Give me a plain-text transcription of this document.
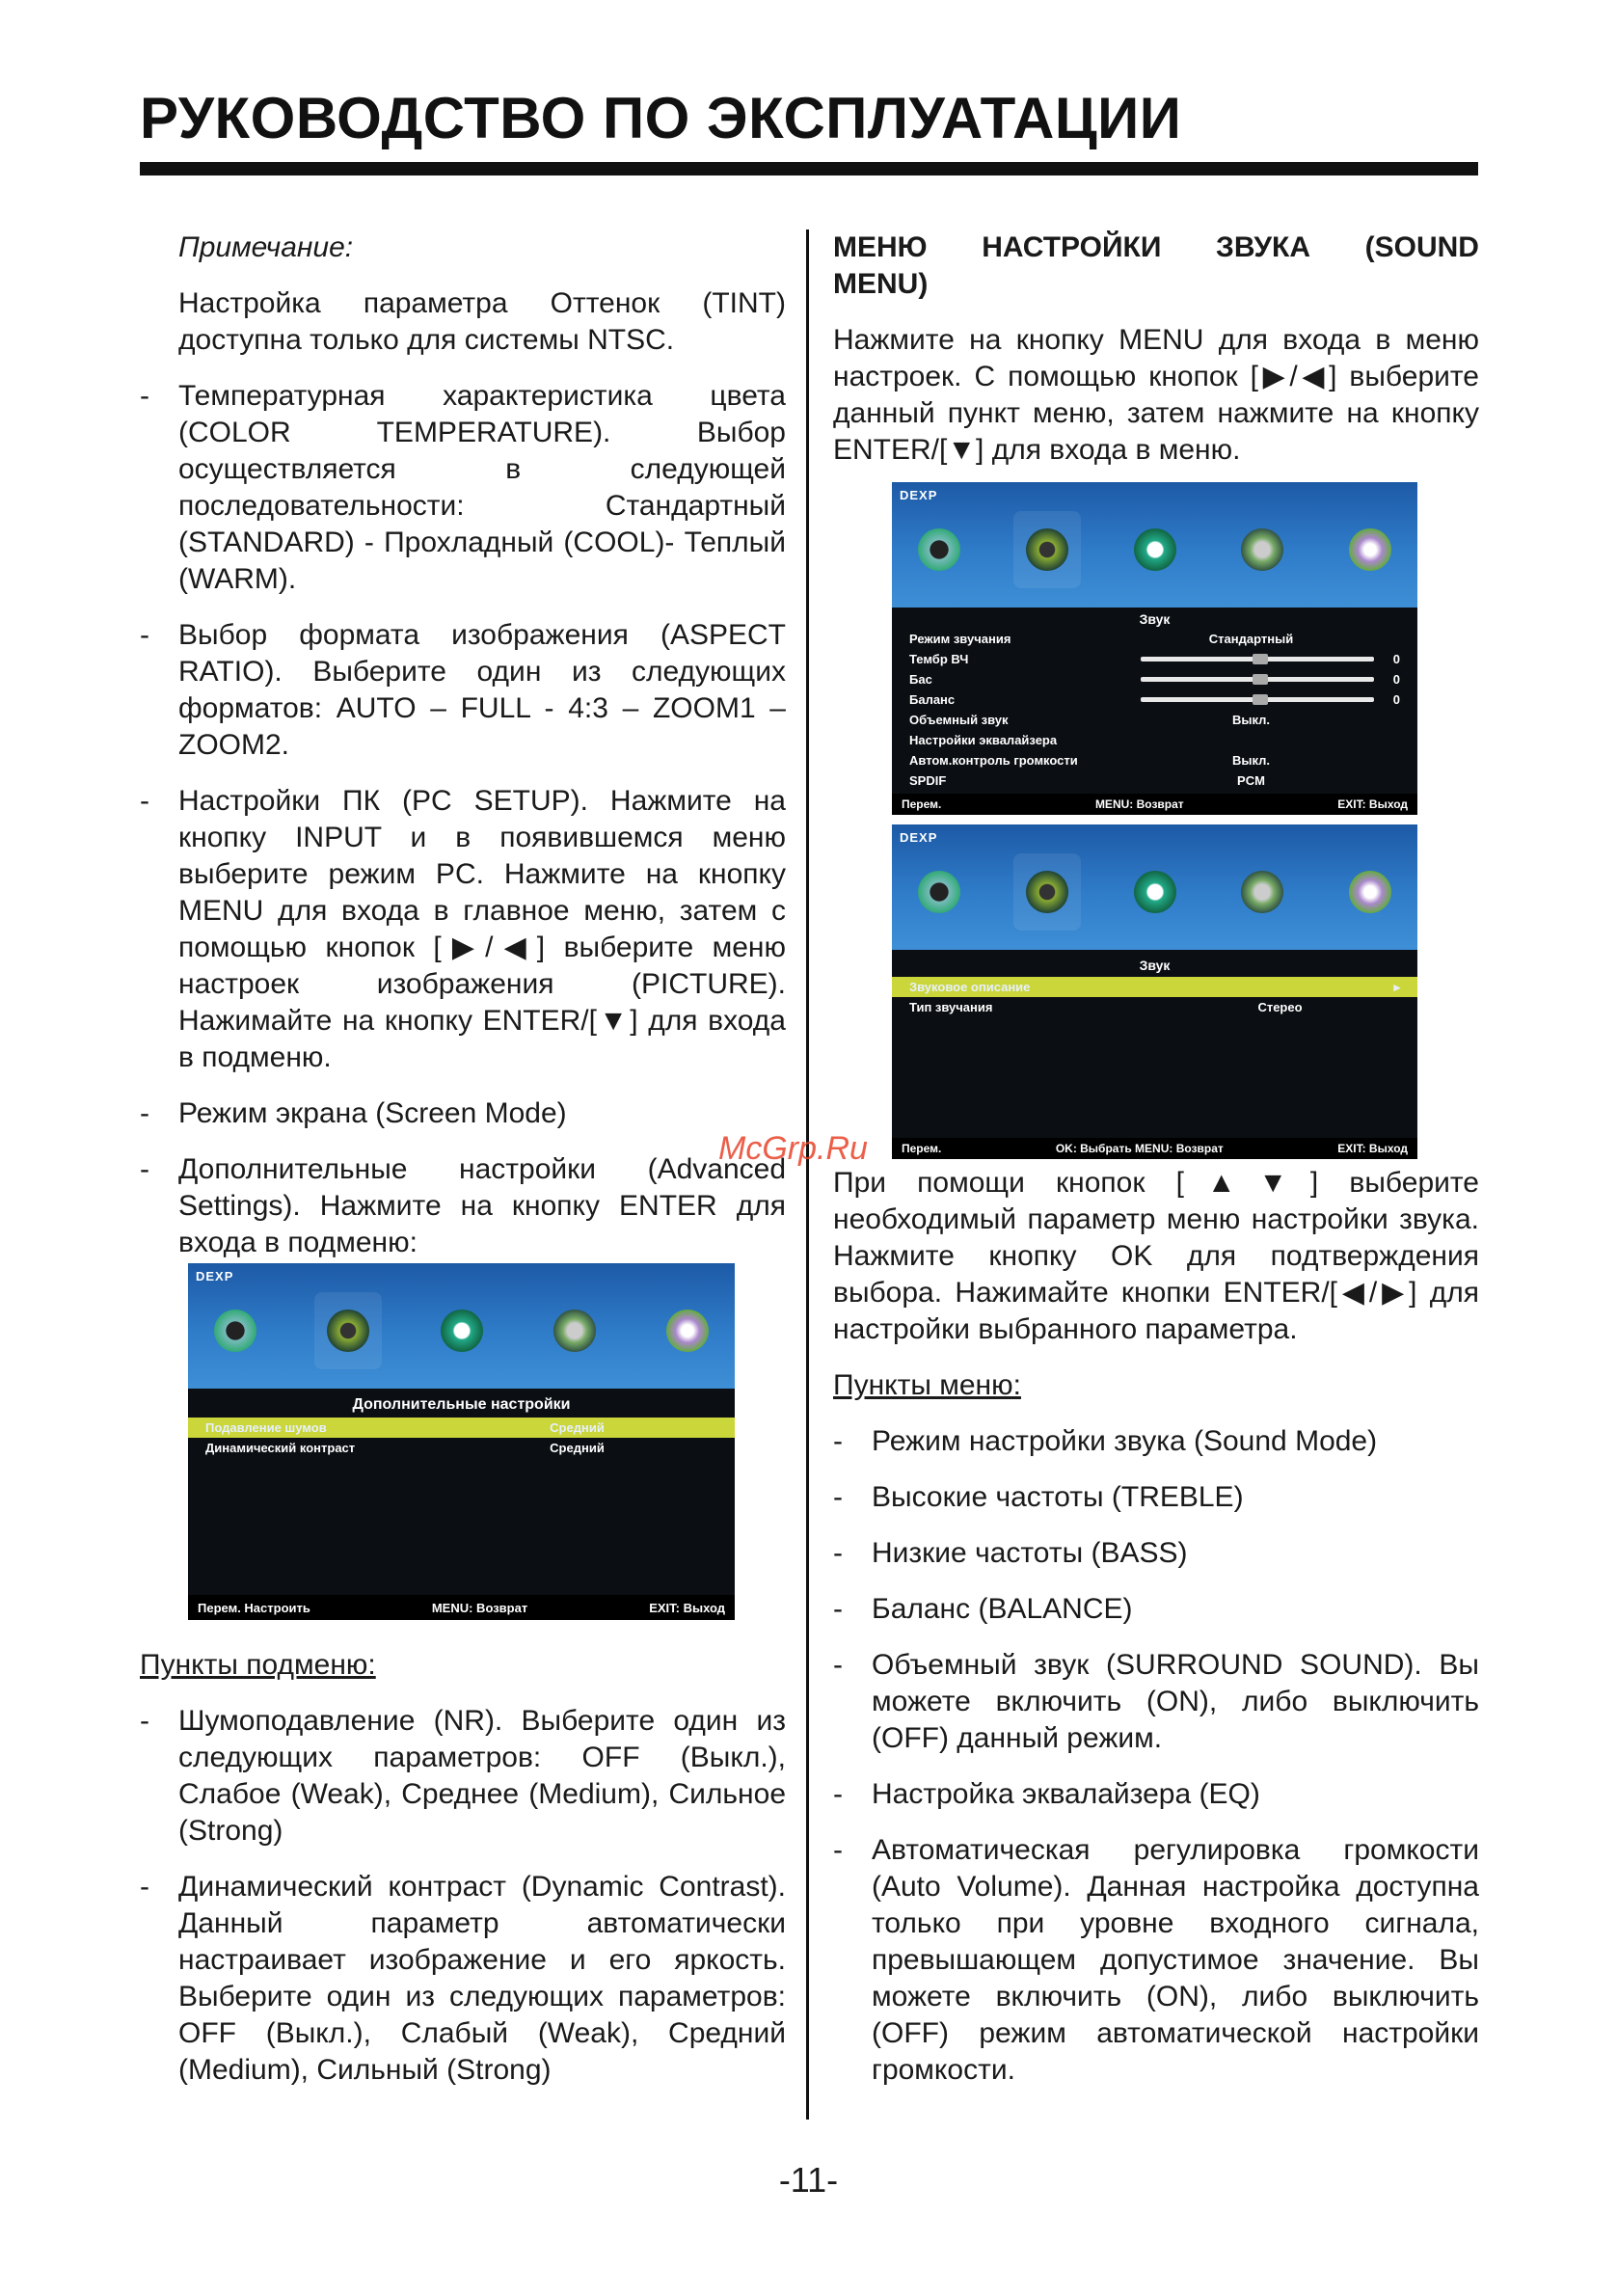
РУКОВОДСТВО ПО ЭКСПЛУАТАЦИИ

Примечание:

Настройка параметра Оттенок (TINT) доступна только для системы NTSC.

- Температурная характеристика цвета (COLOR TEMPERATURE). Выбор осуществляется в следующей последовательности: Стандартный (STANDARD) - Прохладный (COOL)- Теплый (WARM).
- Выбор формата изображения (ASPECT RATIO). Выберите один из следующих форматов: AUTO – FULL - 4:3 – ZOOM1 – ZOOM2.
- Настройки ПК (PC SETUP). Нажмите на кнопку INPUT и в появившемся меню выберите режим PC. Нажмите на кнопку MENU для входа в главное меню, затем с помощью кнопок [▶/◀] выберите меню настроек изображения (PICTURE). Нажимайте на кнопку ENTER/[▼] для входа в подменю.
- Режим экрана (Screen Mode)
- Дополнительные настройки (Advanced Settings). Нажмите на кнопку ENTER для входа в подменю:
DEXP
Дополнительные настройки
Подавление шумов	Средний
Динамический контраст	Средний
Перем. Настроить	MENU: Возврат	EXIT: Выход

Пункты подменю:

- Шумоподавление (NR). Выберите один из следующих параметров: OFF (Выкл.), Слабое (Weak), Среднее (Medium), Сильное (Strong)
- Динамический контраст (Dynamic Contrast). Данный параметр автоматически настраивает изображение и его яркость. Выберите один из следующих параметров: OFF (Выкл.), Слабый (Weak), Средний (Medium), Сильный (Strong)
МЕНЮ НАСТРОЙКИ ЗВУКА (SOUND

MENU)

Нажмите на кнопку MENU для входа в меню настроек. С помощью кнопок [▶/◀] выберите данный пункт меню, затем нажмите на кнопку ENTER/[▼] для входа в меню.

DEXP
Звук
Режим звучания	Стандартный
Тембр ВЧ	0
Бас	0
Баланс	0
Объемный звук	Выкл.
Настройки эквалайзера
Автом.контроль громкости	Выкл.
SPDIF	PCM
Перем.	MENU: Возврат	EXIT: Выход
DEXP
Звук
Звуковое описание	▸
Тип звучания	Стерео
Перем.	OK: Выбрать MENU: Возврат	EXIT: Выход

При помощи кнопок [▲▼] выберите необходимый параметр меню настройки звука. Нажмите кнопку OK для подтверждения выбора. Нажимайте кнопки ENTER/[◀/▶] для настройки выбранного параметра.

Пункты меню:

- Режим настройки звука (Sound Mode)
- Высокие частоты (TREBLE)
- Низкие частоты (BASS)
- Баланс (BALANCE)
- Объемный звук (SURROUND SOUND). Вы можете включить (ON), либо выключить (OFF) данный режим.
- Настройка эквалайзера (EQ)
- Автоматическая регулировка громкости (Auto Volume). Данная настройка доступна только при уровне входного сигнала, превышающем допустимое значение. Вы можете включить (ON), либо выключить (OFF) режим автоматической настройки громкости.
McGrp.Ru
-11-
